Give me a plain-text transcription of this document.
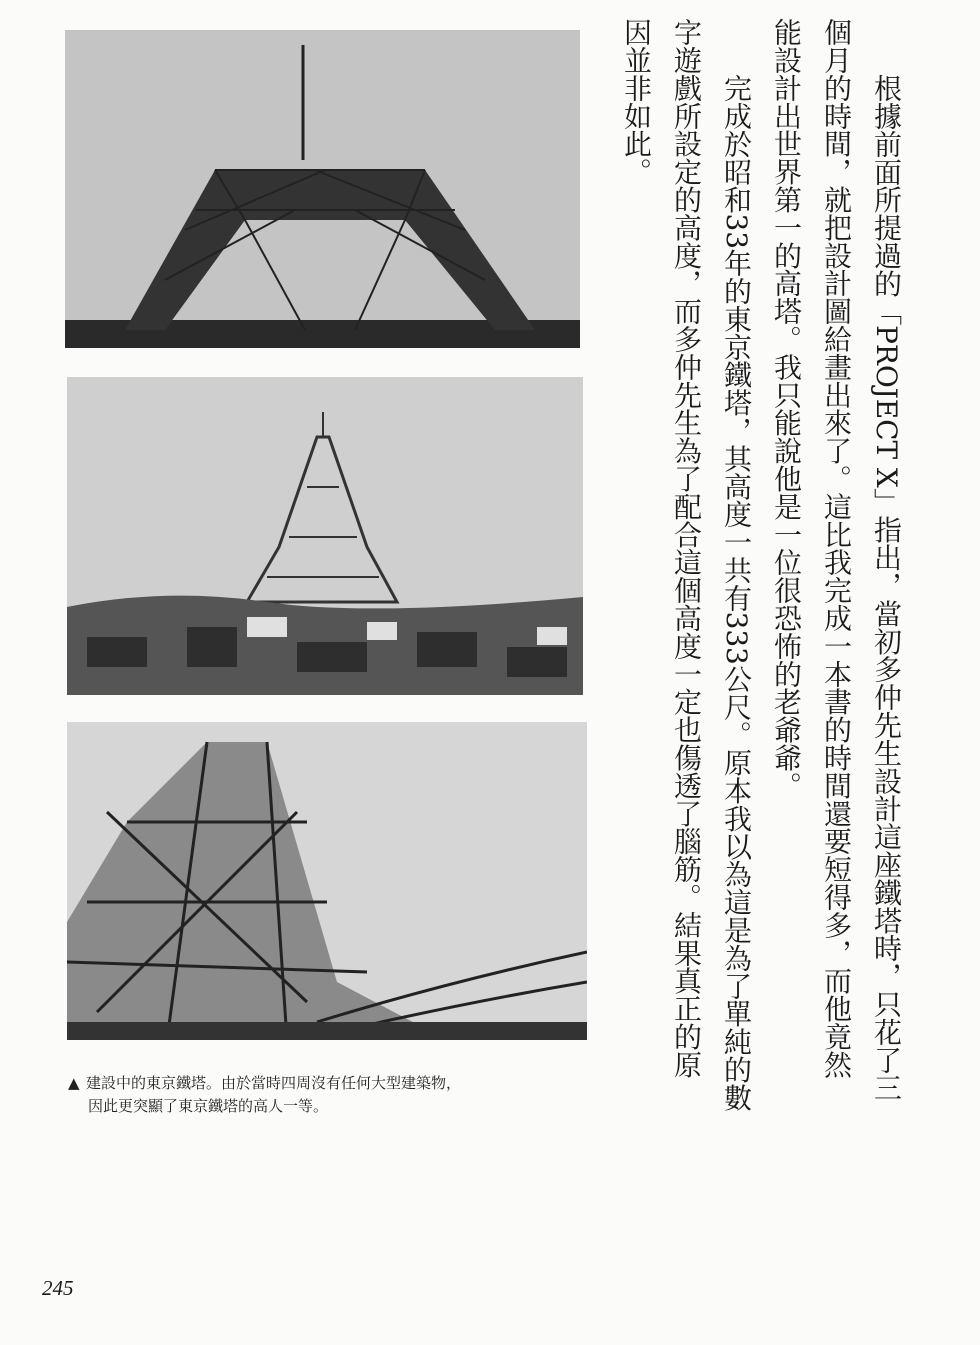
▲ 建設中的東京鐵塔。由於當時四周沒有任何大型建築物，
因此更突顯了東京鐵塔的高人一等。
根據前面所提過的「PROJECT X」指出，當初多仲先生設計這座鐵塔時，只花了三
個月的時間，就把設計圖給畫出來了。這比我完成一本書的時間還要短得多，而他竟然
能設計出世界第一的高塔。我只能說他是一位很恐怖的老爺爺。
完成於昭和33年的東京鐵塔，其高度一共有333公尺。原本我以為這是為了單純的數
字遊戲所設定的高度，而多仲先生為了配合這個高度一定也傷透了腦筋。結果真正的原
因並非如此。
245
